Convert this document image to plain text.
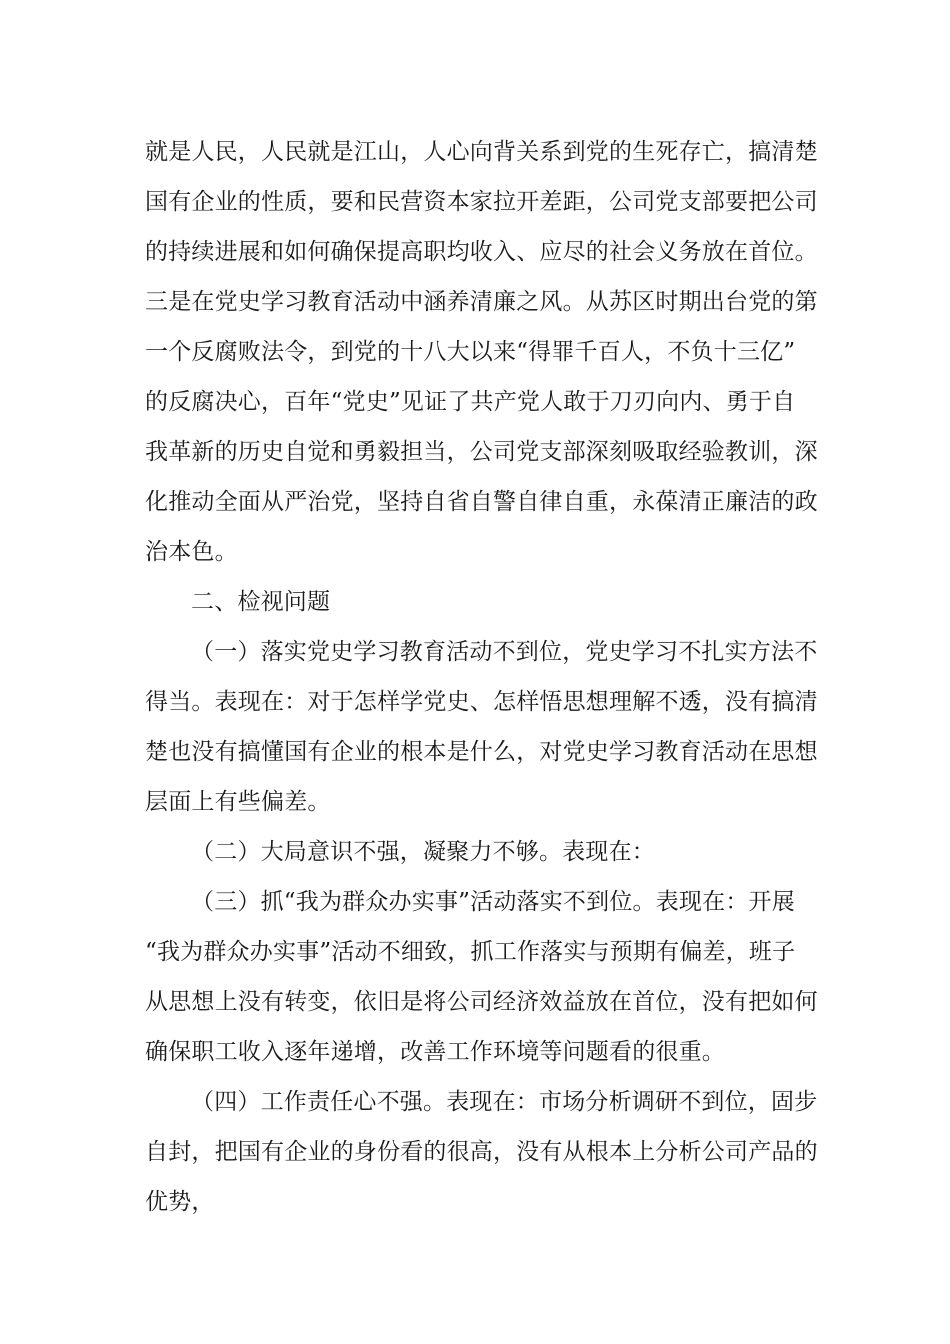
就是人民，人民就是江山，人心向背关系到党的生死存亡，搞清楚
国有企业的性质，要和民营资本家拉开差距，公司党支部要把公司
的持续进展和如何确保提高职均收入、应尽的社会义务放在首位。
三是在党史学习教育活动中涵养清廉之风。从苏区时期出台党的第
一个反腐败法令，到党的十八大以来“得罪千百人，不负十三亿”
的反腐决心，百年“党史”见证了共产党人敢于刀刃向内、勇于自
我革新的历史自觉和勇毅担当，公司党支部深刻吸取经验教训，深
化推动全面从严治党，坚持自省自警自律自重，永葆清正廉洁的政
治本色。
二、检视问题
（一）落实党史学习教育活动不到位，党史学习不扎实方法不
得当。表现在：对于怎样学党史、怎样悟思想理解不透，没有搞清
楚也没有搞懂国有企业的根本是什么，对党史学习教育活动在思想
层面上有些偏差。
（二）大局意识不强，凝聚力不够。表现在：
（三）抓“我为群众办实事”活动落实不到位。表现在：开展
“我为群众办实事”活动不细致，抓工作落实与预期有偏差，班子
从思想上没有转变，依旧是将公司经济效益放在首位，没有把如何
确保职工收入逐年递增，改善工作环境等问题看的很重。
（四）工作责任心不强。表现在：市场分析调研不到位，固步
自封，把国有企业的身份看的很高，没有从根本上分析公司产品的
优势，
